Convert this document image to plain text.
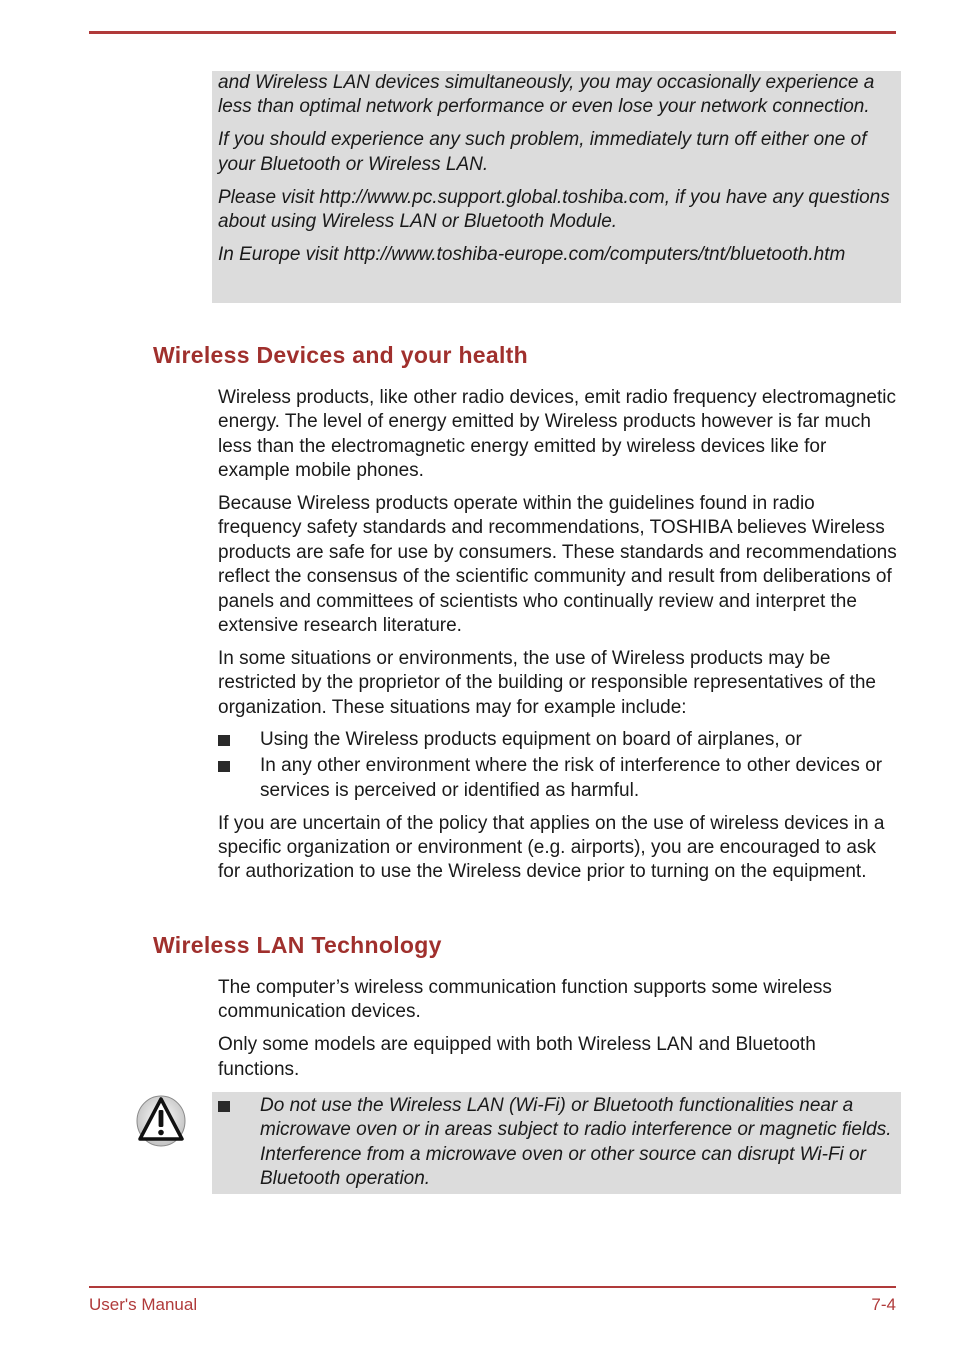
and Wireless LAN devices simultaneously, you may occasionally experience a less than optimal network performance or even lose your network connection.

If you should experience any such problem, immediately turn off either one of your Bluetooth or Wireless LAN.

Please visit http://www.pc.support.global.toshiba.com, if you have any questions about using Wireless LAN or Bluetooth Module.

In Europe visit http://www.toshiba-europe.com/computers/tnt/bluetooth.htm

Wireless Devices and your health

Wireless products, like other radio devices, emit radio frequency electromagnetic energy. The level of energy emitted by Wireless products however is far much less than the electromagnetic energy emitted by wireless devices like for example mobile phones.

Because Wireless products operate within the guidelines found in radio frequency safety standards and recommendations, TOSHIBA believes Wireless products are safe for use by consumers. These standards and recommendations reflect the consensus of the scientific community and result from deliberations of panels and committees of scientists who continually review and interpret the extensive research literature.

In some situations or environments, the use of Wireless products may be restricted by the proprietor of the building or responsible representatives of the organization. These situations may for example include:

Using the Wireless products equipment on board of airplanes, or
In any other environment where the risk of interference to other devices or services is perceived or identified as harmful.

If you are uncertain of the policy that applies on the use of wireless devices in a specific organization or environment (e.g. airports), you are encouraged to ask for authorization to use the Wireless device prior to turning on the equipment.

Wireless LAN Technology

The computer’s wireless communication function supports some wireless communication devices.

Only some models are equipped with both Wireless LAN and Bluetooth functions.

Do not use the Wireless LAN (Wi-Fi) or Bluetooth functionalities near a microwave oven or in areas subject to radio interference or magnetic fields. Interference from a microwave oven or other source can disrupt Wi-Fi or Bluetooth operation.
User's Manual	7-4
